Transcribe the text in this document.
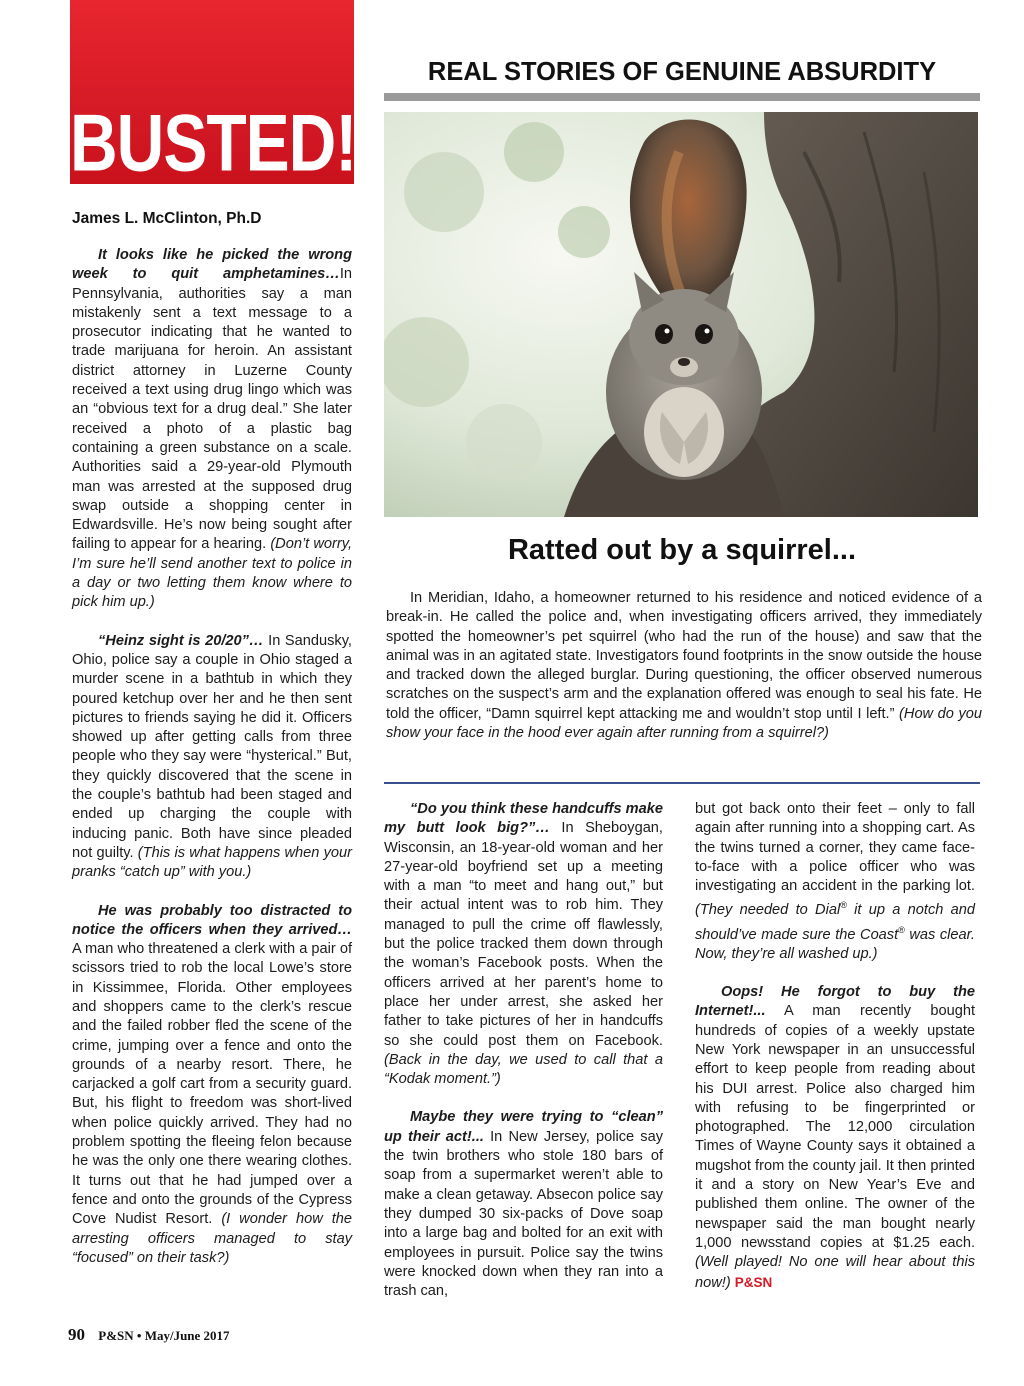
BUSTED!
REAL STORIES OF GENUINE ABSURDITY
James L. McClinton, Ph.D

It looks like he picked the wrong week to quit amphetamines…In Pennsylvania, authorities say a man mistakenly sent a text message to a prosecutor indicating that he wanted to trade marijuana for heroin. An assistant district attorney in Luzerne County received a text using drug lingo which was an “obvious text for a drug deal.” She later received a photo of a plastic bag containing a green substance on a scale. Authorities said a 29-year-old Plymouth man was arrested at the supposed drug swap outside a shopping center in Edwardsville. He’s now being sought after failing to appear for a hearing. (Don’t worry, I’m sure he’ll send another text to police in a day or two letting them know where to pick him up.)

“Heinz sight is 20/20”… In Sandusky, Ohio, police say a couple in Ohio staged a murder scene in a bathtub in which they poured ketchup over her and he then sent pictures to friends saying he did it. Officers showed up after getting calls from three people who they say were “hysterical.” But, they quickly discovered that the scene in the couple’s bathtub had been staged and ended up charging the couple with inducing panic. Both have since pleaded not guilty. (This is what happens when your pranks “catch up” with you.)

He was probably too distracted to notice the officers when they arrived… A man who threatened a clerk with a pair of scissors tried to rob the local Lowe’s store in Kissimmee, Florida. Other employees and shoppers came to the clerk’s rescue and the failed robber fled the scene of the crime, jumping over a fence and onto the grounds of a nearby resort. There, he carjacked a golf cart from a security guard. But, his flight to freedom was short-lived when police quickly arrived. They had no problem spotting the fleeing felon because he was the only one there wearing clothes. It turns out that he had jumped over a fence and onto the grounds of the Cypress Cove Nudist Resort. (I wonder how the arresting officers managed to stay “focused” on their task?)

Ratted out by a squirrel...

In Meridian, Idaho, a homeowner returned to his residence and noticed evidence of a break-in. He called the police and, when investigating officers arrived, they immediately spotted the homeowner’s pet squirrel (who had the run of the house) and saw that the animal was in an agitated state. Investigators found footprints in the snow outside the house and tracked down the alleged burglar. During questioning, the officer observed numerous scratches on the suspect’s arm and the explanation offered was enough to seal his fate. He told the officer, “Damn squirrel kept attacking me and wouldn’t stop until I left.” (How do you show your face in the hood ever again after running from a squirrel?)

“Do you think these handcuffs make my butt look big?”… In Sheboygan, Wisconsin, an 18-year-old woman and her 27-year-old boyfriend set up a meeting with a man “to meet and hang out,” but their actual intent was to rob him. They managed to pull the crime off flawlessly, but the police tracked them down through the woman’s Facebook posts. When the officers arrived at her parent’s home to place her under arrest, she asked her father to take pictures of her in handcuffs so she could post them on Facebook. (Back in the day, we used to call that a “Kodak moment.”)

Maybe they were trying to “clean” up their act!... In New Jersey, police say the twin brothers who stole 180 bars of soap from a supermarket weren’t able to make a clean getaway. Absecon police say they dumped 30 six-packs of Dove soap into a large bag and bolted for an exit with employees in pursuit. Police say the twins were knocked down when they ran into a trash can,

but got back onto their feet – only to fall again after running into a shopping cart. As the twins turned a corner, they came face-to-face with a police officer who was investigating an accident in the parking lot. (They needed to Dial® it up a notch and should’ve made sure the Coast® was clear. Now, they’re all washed up.)

Oops! He forgot to buy the Internet!... A man recently bought hundreds of copies of a weekly upstate New York newspaper in an unsuccessful effort to keep people from reading about his DUI arrest. Police also charged him with refusing to be fingerprinted or photographed. The 12,000 circulation Times of Wayne County says it obtained a mugshot from the county jail. It then printed it and a story on New Year’s Eve and published them online. The owner of the newspaper said the man bought nearly 1,000 newsstand copies at $1.25 each. (Well played! No one will hear about this now!) P&SN

90 P&SN • May/June 2017
